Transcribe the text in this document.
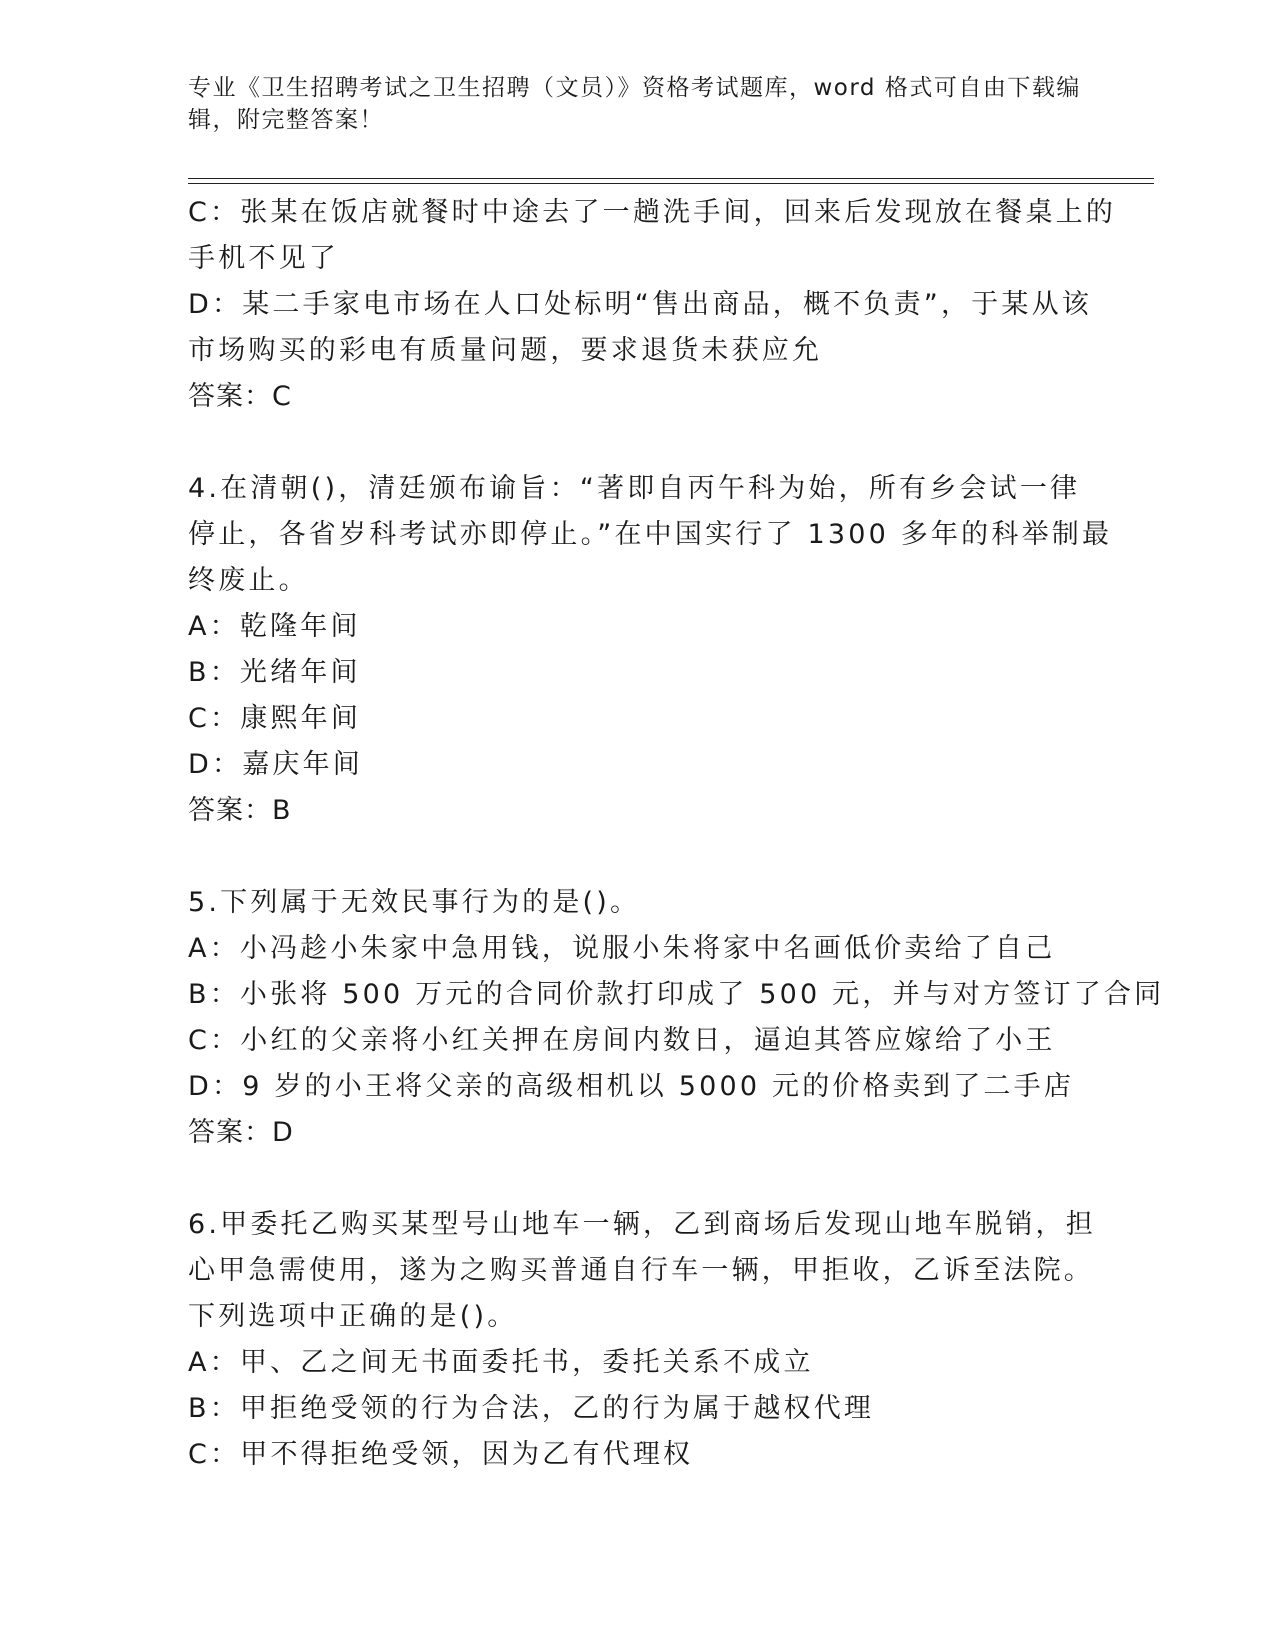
专业《卫生招聘考试之卫生招聘（文员）》资格考试题库，word 格式可自由下载编辑，附完整答案！

C：张某在饭店就餐时中途去了一趟洗手间，回来后发现放在餐桌上的

手机不见了

D：某二手家电市场在人口处标明“售出商品，概不负责”，于某从该

市场购买的彩电有质量问题，要求退货未获应允

答案：C

4.在清朝()，清廷颁布谕旨：“著即自丙午科为始，所有乡会试一律

停止，各省岁科考试亦即停止。”在中国实行了 1300 多年的科举制最

终废止。

A：乾隆年间

B：光绪年间

C：康熙年间

D：嘉庆年间

答案：B

5.下列属于无效民事行为的是()。

A：小冯趁小朱家中急用钱，说服小朱将家中名画低价卖给了自己

B：小张将 500 万元的合同价款打印成了 500 元，并与对方签订了合同

C：小红的父亲将小红关押在房间内数日，逼迫其答应嫁给了小王

D：9 岁的小王将父亲的高级相机以 5000 元的价格卖到了二手店

答案：D

6.甲委托乙购买某型号山地车一辆，乙到商场后发现山地车脱销，担

心甲急需使用，遂为之购买普通自行车一辆，甲拒收，乙诉至法院。

下列选项中正确的是()。

A：甲、乙之间无书面委托书，委托关系不成立

B：甲拒绝受领的行为合法，乙的行为属于越权代理

C：甲不得拒绝受领，因为乙有代理权
